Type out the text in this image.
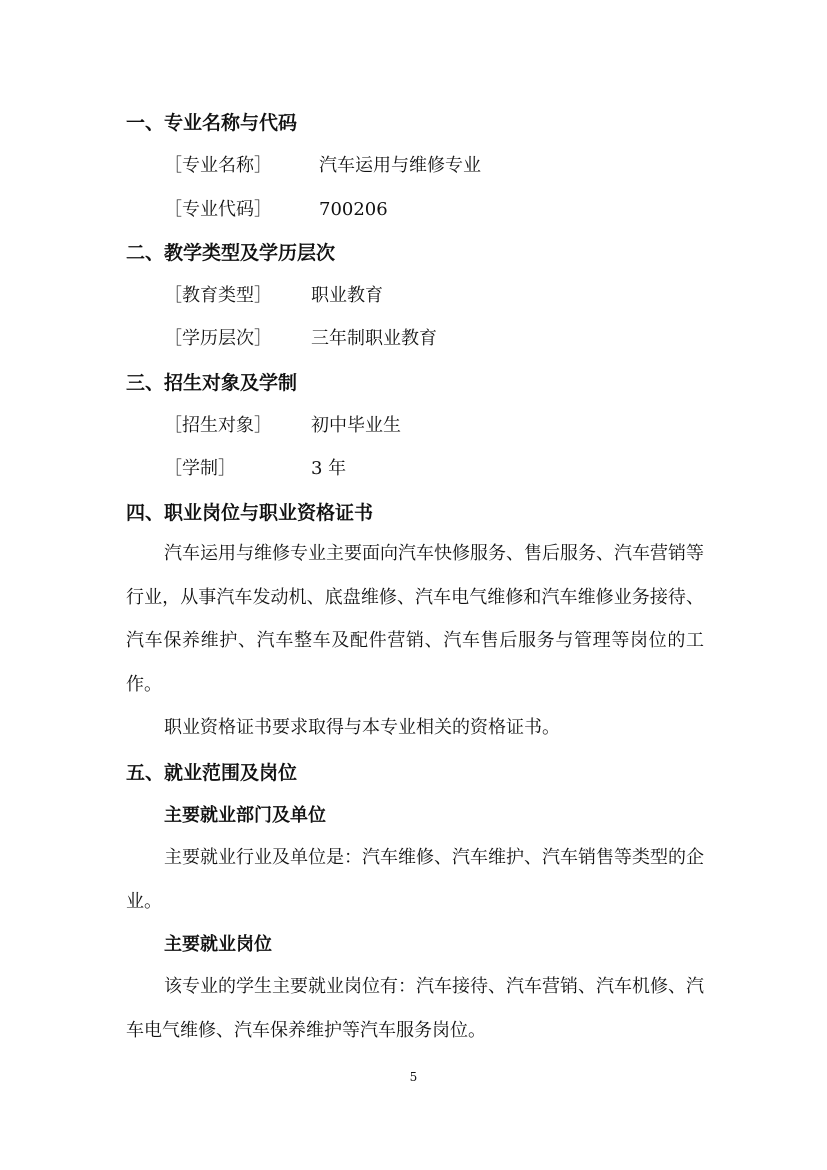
一、专业名称与代码
［专业名称］	汽车运用与维修专业
［专业代码］	700206
二、教学类型及学历层次
［教育类型］ 职业教育
［学历层次］ 三年制职业教育
三、招生对象及学制
［招生对象］ 初中毕业生
［学制］	3 年
四、职业岗位与职业资格证书

汽车运用与维修专业主要面向汽车快修服务、售后服务、汽车营销等行业，从事汽车发动机、底盘维修、汽车电气维修和汽车维修业务接待、汽车保养维护、汽车整车及配件营销、汽车售后服务与管理等岗位的工作。

职业资格证书要求取得与本专业相关的资格证书。

五、就业范围及岗位
主要就业部门及单位

主要就业行业及单位是：汽车维修、汽车维护、汽车销售等类型的企业。

主要就业岗位

该专业的学生主要就业岗位有：汽车接待、汽车营销、汽车机修、汽车电气维修、汽车保养维护等汽车服务岗位。

5
